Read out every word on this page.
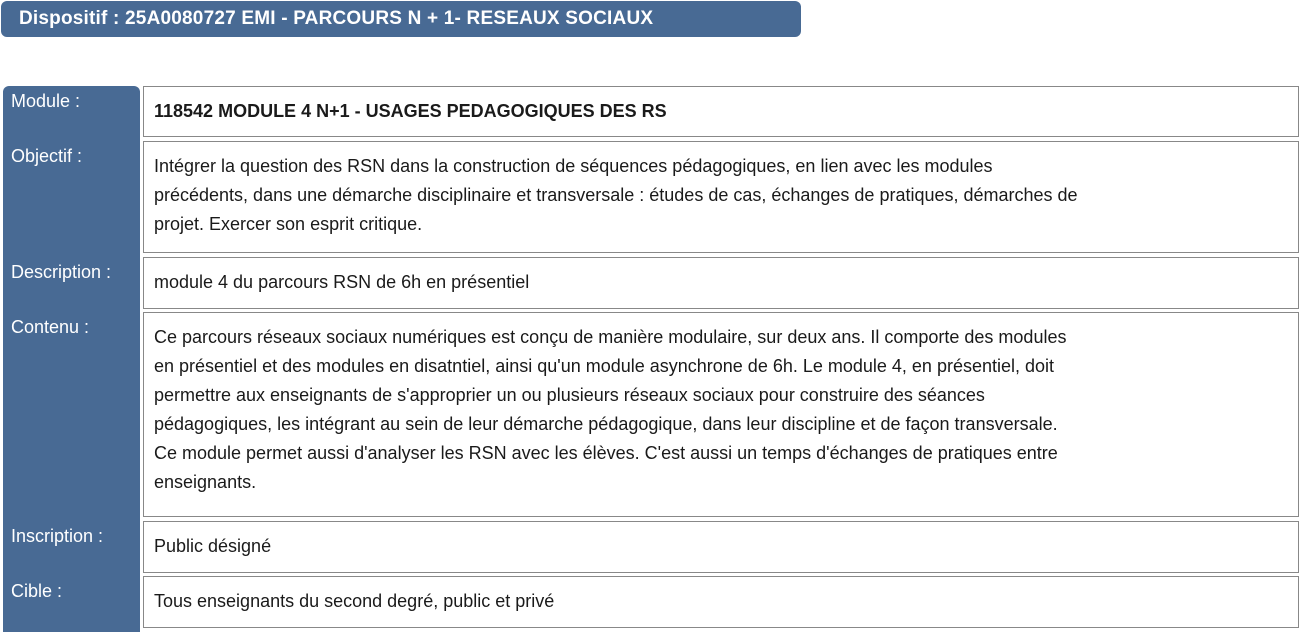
Dispositif : 25A0080727 EMI - PARCOURS N + 1- RESEAUX SOCIAUX
Module :	118542 MODULE 4 N+1 - USAGES PEDAGOGIQUES DES RS
Objectif :	Intégrer la question des RSN dans la construction de séquences pédagogiques, en lien avec les modules
précédents, dans une démarche disciplinaire et transversale : études de cas, échanges de pratiques, démarches de
projet. Exercer son esprit critique.
Description :	module 4 du parcours RSN de 6h en présentiel
Contenu :	Ce parcours réseaux sociaux numériques est conçu de manière modulaire, sur deux ans. Il comporte des modules
en présentiel et des modules en disatntiel, ainsi qu'un module asynchrone de 6h. Le module 4, en présentiel, doit
permettre aux enseignants de s'approprier un ou plusieurs réseaux sociaux pour construire des séances
pédagogiques, les intégrant au sein de leur démarche pédagogique, dans leur discipline et de façon transversale.
Ce module permet aussi d'analyser les RSN avec les élèves. C'est aussi un temps d'échanges de pratiques entre
enseignants.
Inscription :	Public désigné
Cible :	Tous enseignants du second degré, public et privé
